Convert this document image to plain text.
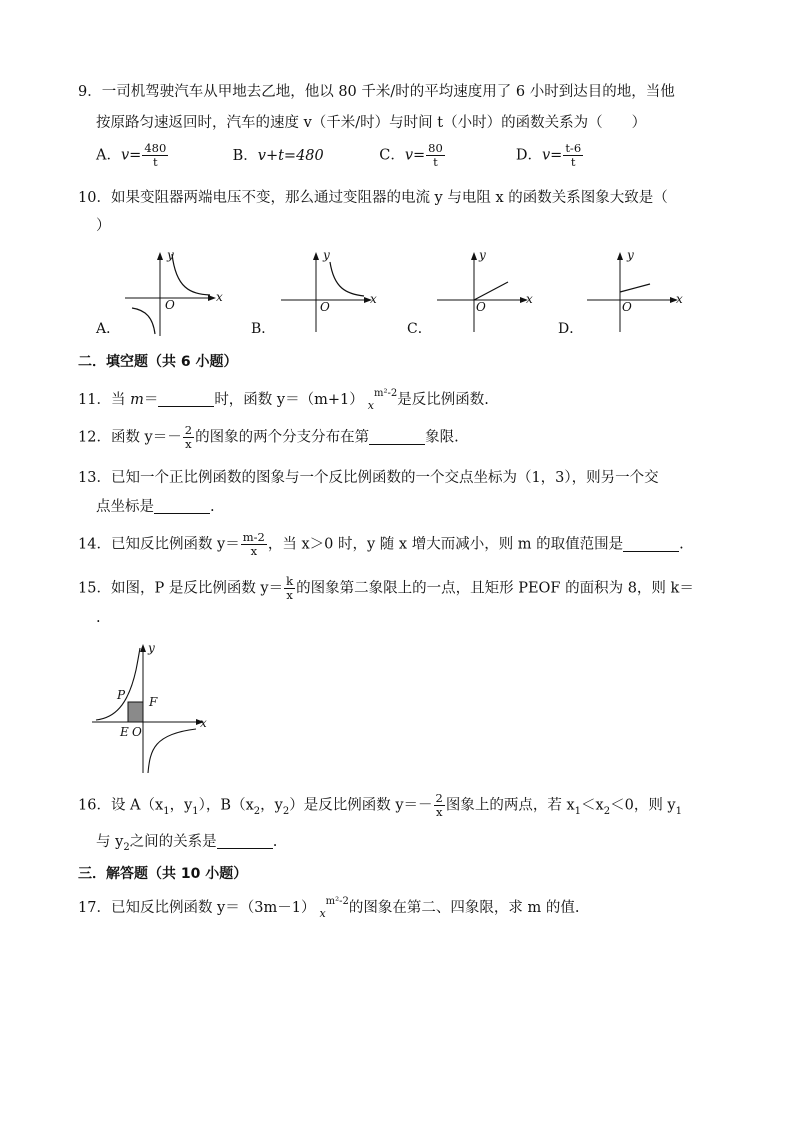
9．一司机驾驶汽车从甲地去乙地，他以 80 千米/时的平均速度用了 6 小时到达目的地，当他
按原路匀速返回时，汽车的速度 v（千米/时）与时间 t（小时）的函数关系为（　　）
A．$v= \frac{480}{t}$	B．v+t=480	C．$v= \frac{80}{t}$	D．$v= \frac{t-6}{t}$
10．如果变阻器两端电压不变，那么通过变阻器的电流 y 与电阻 x 的函数关系图象大致是（
）
A．
y
x
O
B．
y
x
O
C．
y
x
O
D．
y
x
O
二．填空题（共 6 小题）
11．当 m＝	时，函数 y＝（m+1） $_x^{m^2-2}$是反比例函数.
12．函数 $y=- \frac{2}{x}$ 的图象的两个分支分布在第	象限.
13．已知一个正比例函数的图象与一个反比例函数的一个交点坐标为（1，3），则另一个交
点坐标是	.
14．已知反比例函数 $y= \frac{m-2}{x}$ ，当 x＞0 时，y 随 x 增大而减小，则 m 的取值范围是	.
15．如图，P 是反比例函数 $y= \frac{k}{x}$ 的图象第二象限上的一点，且矩形 PEOF 的面积为 8，则 k＝
.
y
x
P F
E O
16．设 $A(x_1$，$y_1$），$B(x_2$，$y_2$）是反比例函数 $y=- \frac{2}{x}$ 图象上的两点，若 $x_1<x_2<0$，则 $y_1$
与 $y_2$之间的关系是	.
三．解答题（共 10 小题）
17．已知反比例函数 y＝（3m－1） $_x^{m^2-2}$的图象在第二、四象限，求 m 的值.
